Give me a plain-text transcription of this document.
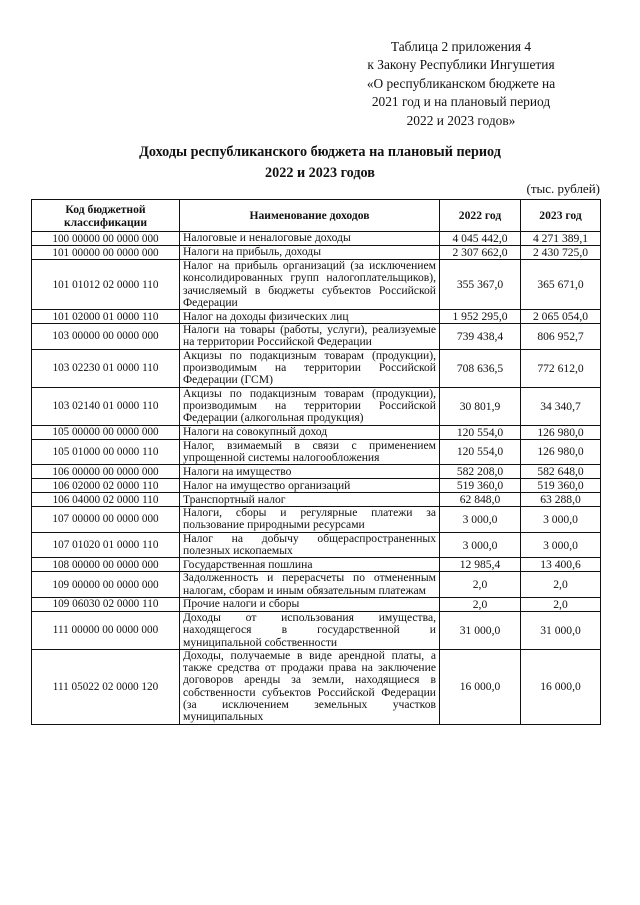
Таблица 2 приложения 4
к Закону Республики Ингушетия
«О республиканском бюджете на
2021 год и на плановый период
2022 и 2023 годов»
Доходы республиканского бюджета на плановый период
2022 и 2023 годов
(тыс. рублей)
Код бюджетной классификации	Наименование доходов	2022 год	2023 год
100 00000 00 0000 000	Налоговые и неналоговые доходы	4 045 442,0	4 271 389,1
101 00000 00 0000 000	Налоги на прибыль, доходы	2 307 662,0	2 430 725,0
101 01012 02 0000 110	Налог на прибыль организаций (за исключением консолидированных групп налогоплательщиков), зачисляемый в бюджеты субъектов Российской Федерации	355 367,0	365 671,0
101 02000 01 0000 110	Налог на доходы физических лиц	1 952 295,0	2 065 054,0
103 00000 00 0000 000	Налоги на товары (работы, услуги), реализуемые на территории Российской Федерации	739 438,4	806 952,7
103 02230 01 0000 110	Акцизы по подакцизным товарам (продукции), производимым на территории Российской Федерации (ГСМ)	708 636,5	772 612,0
103 02140 01 0000 110	Акцизы по подакцизным товарам (продукции), производимым на территории Российской Федерации (алкогольная продукция)	30 801,9	34 340,7
105 00000 00 0000 000	Налоги на совокупный доход	120 554,0	126 980,0
105 01000 00 0000 110	Налог, взимаемый в связи с применением упрощенной системы налогообложения	120 554,0	126 980,0
106 00000 00 0000 000	Налоги на имущество	582 208,0	582 648,0
106 02000 02 0000 110	Налог на имущество организаций	519 360,0	519 360,0
106 04000 02 0000 110	Транспортный налог	62 848,0	63 288,0
107 00000 00 0000 000	Налоги, сборы и регулярные платежи за пользование природными ресурсами	3 000,0	3 000,0
107 01020 01 0000 110	Налог на добычу общераспространенных полезных ископаемых	3 000,0	3 000,0
108 00000 00 0000 000	Государственная пошлина	12 985,4	13 400,6
109 00000 00 0000 000	Задолженность и перерасчеты по отмененным налогам, сборам и иным обязательным платежам	2,0	2,0
109 06030 02 0000 110	Прочие налоги и сборы	2,0	2,0
111 00000 00 0000 000	Доходы от использования имущества, находящегося в государственной и муниципальной собственности	31 000,0	31 000,0
111 05022 02 0000 120	Доходы, получаемые в виде арендной платы, а также средства от продажи права на заключение договоров аренды за земли, находящиеся в собственности субъектов Российской Федерации (за исключением земельных участков муниципальных	16 000,0	16 000,0
